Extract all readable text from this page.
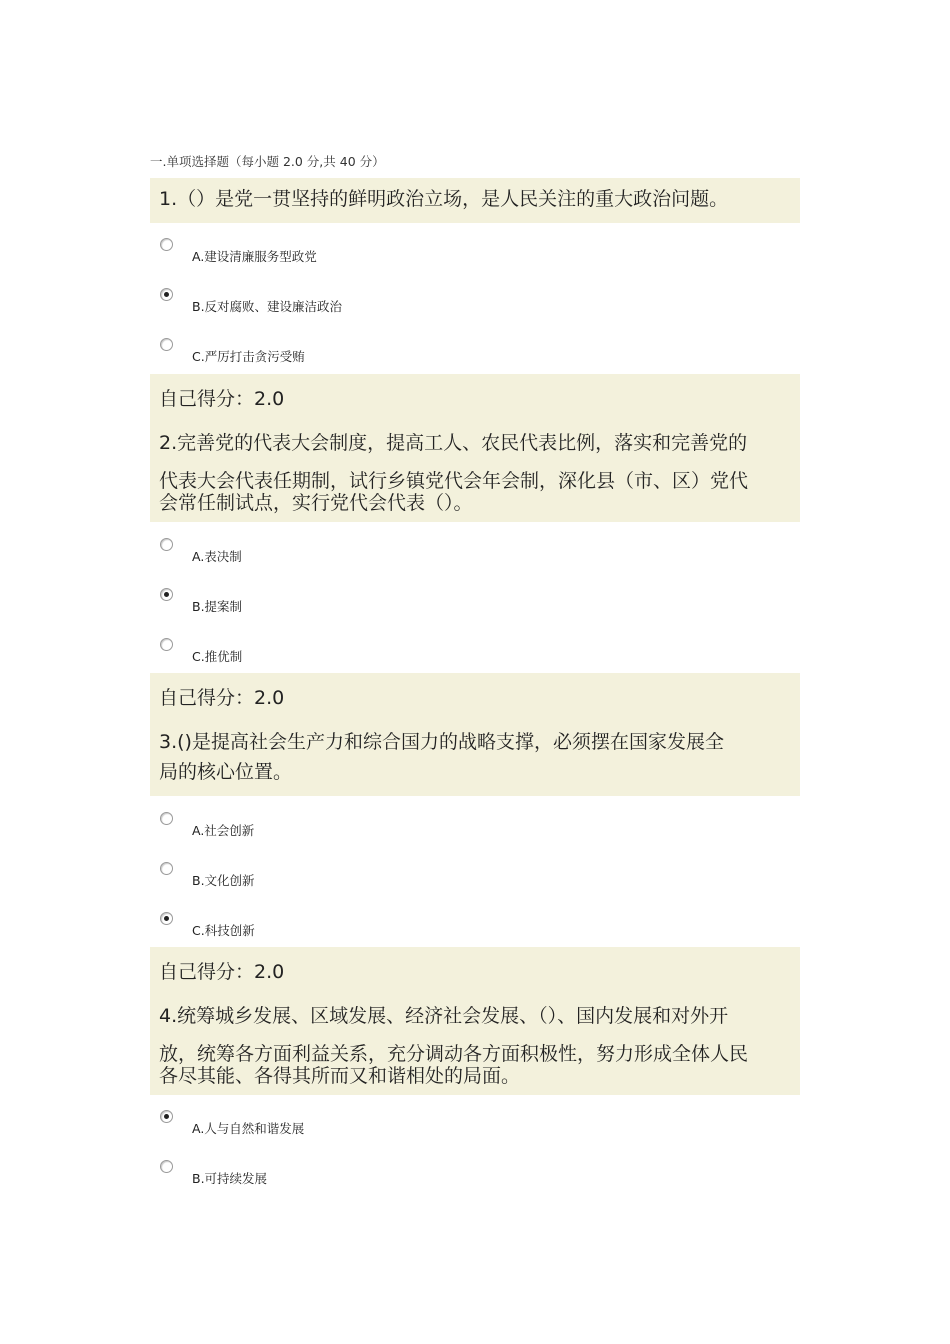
一.单项选择题（每小题 2.0 分,共 40 分）
1.（）是党一贯坚持的鲜明政治立场，是人民关注的重大政治问题。
A.建设清廉服务型政党
B.反对腐败、建设廉洁政治
C.严厉打击贪污受贿
自己得分：2.0
2.完善党的代表大会制度，提高工人、农民代表比例，落实和完善党的
代表大会代表任期制，试行乡镇党代会年会制，深化县（市、区）党代
会常任制试点，实行党代会代表（）。
A.表决制
B.提案制
C.推优制
自己得分：2.0
3.()是提高社会生产力和综合国力的战略支撑，必须摆在国家发展全
局的核心位置。
A.社会创新
B.文化创新
C.科技创新
自己得分：2.0
4.统筹城乡发展、区域发展、经济社会发展、（）、国内发展和对外开
放，统筹各方面利益关系，充分调动各方面积极性，努力形成全体人民
各尽其能、各得其所而又和谐相处的局面。
A.人与自然和谐发展
B.可持续发展
